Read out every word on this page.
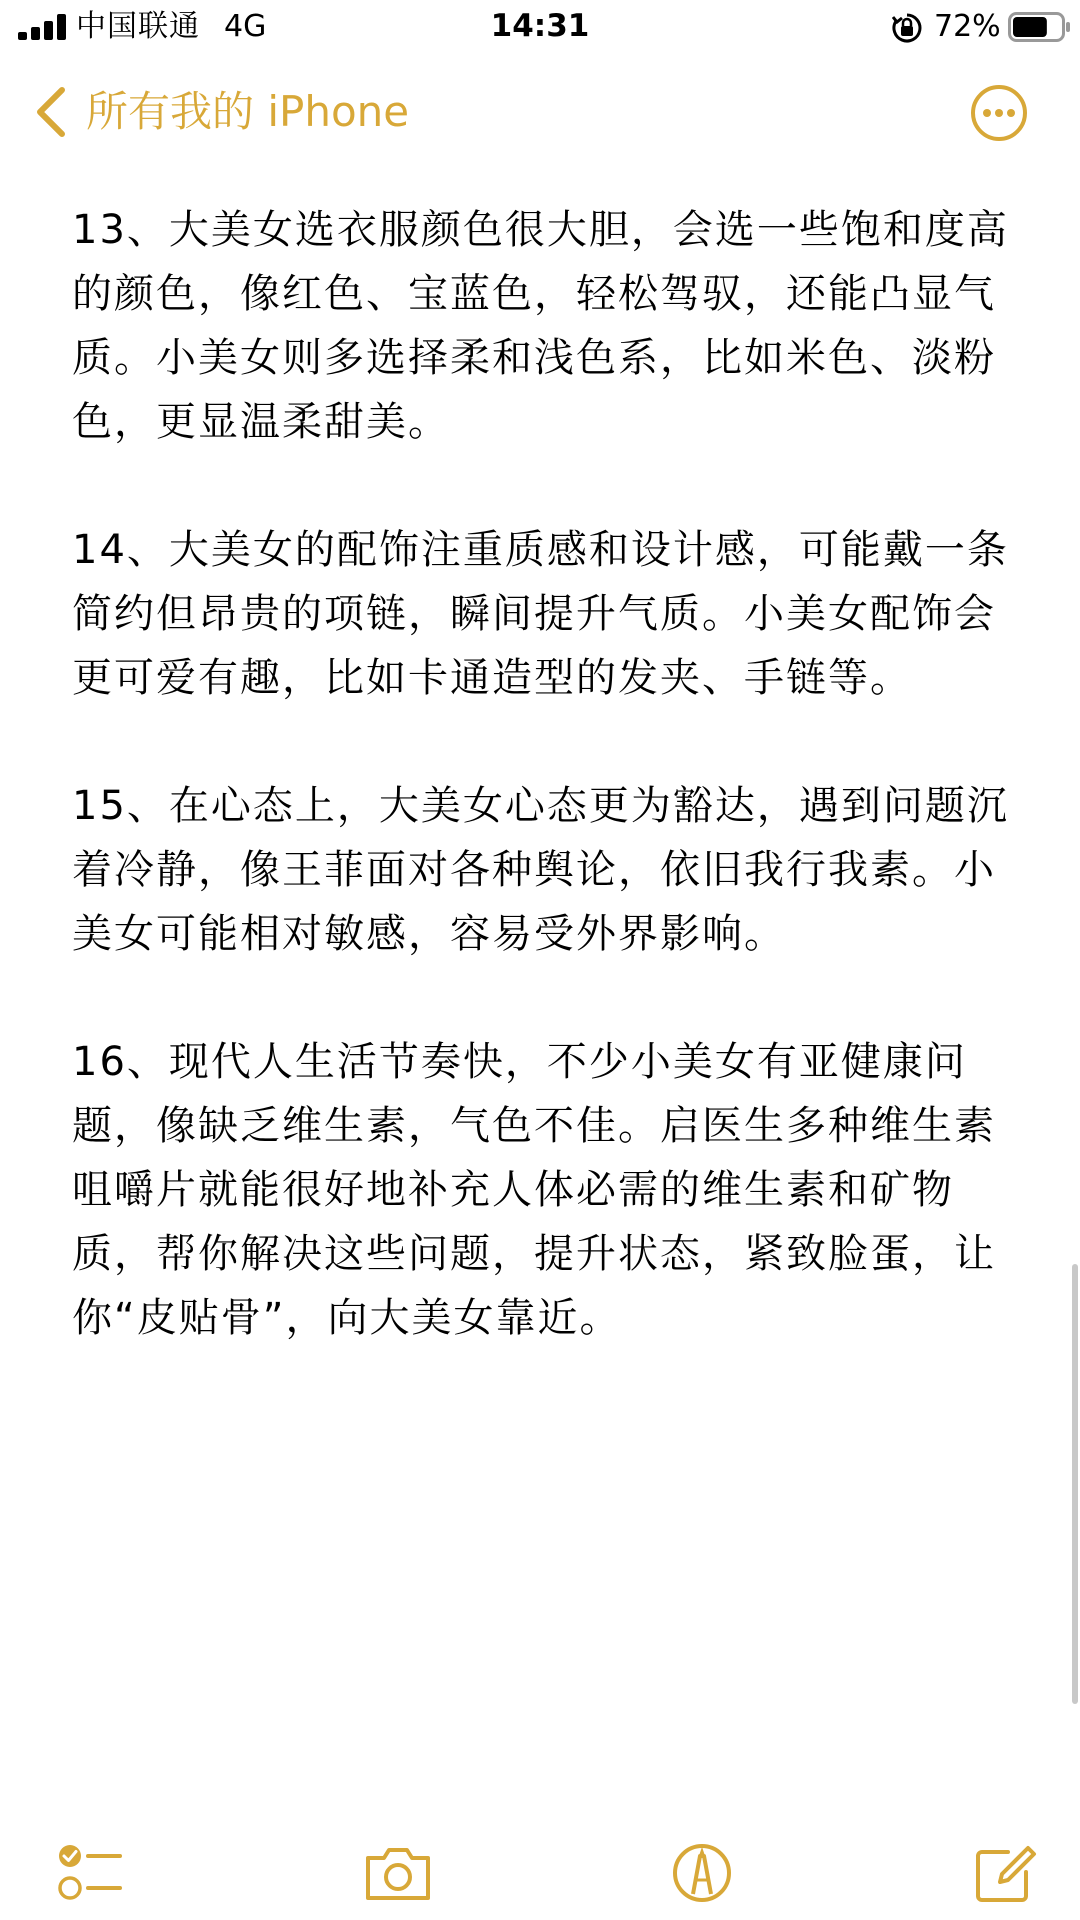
中国联通 4G	14:31	72%
所有我的 iPhone

13、大美女选衣服颜色很大胆，会选一些饱和度高的颜色，像红色、宝蓝色，轻松驾驭，还能凸显气质。小美女则多选择柔和浅色系，比如米色、淡粉色，更显温柔甜美。

14、大美女的配饰注重质感和设计感，可能戴一条简约但昂贵的项链，瞬间提升气质。小美女配饰会更可爱有趣，比如卡通造型的发夹、手链等。

15、在心态上，大美女心态更为豁达，遇到问题沉着冷静，像王菲面对各种舆论，依旧我行我素。小美女可能相对敏感，容易受外界影响。

16、现代人生活节奏快，不少小美女有亚健康问题，像缺乏维生素，气色不佳。启医生多种维生素咀嚼片就能很好地补充人体必需的维生素和矿物质，帮你解决这些问题，提升状态，紧致脸蛋，让你“皮贴骨”，向大美女靠近。
